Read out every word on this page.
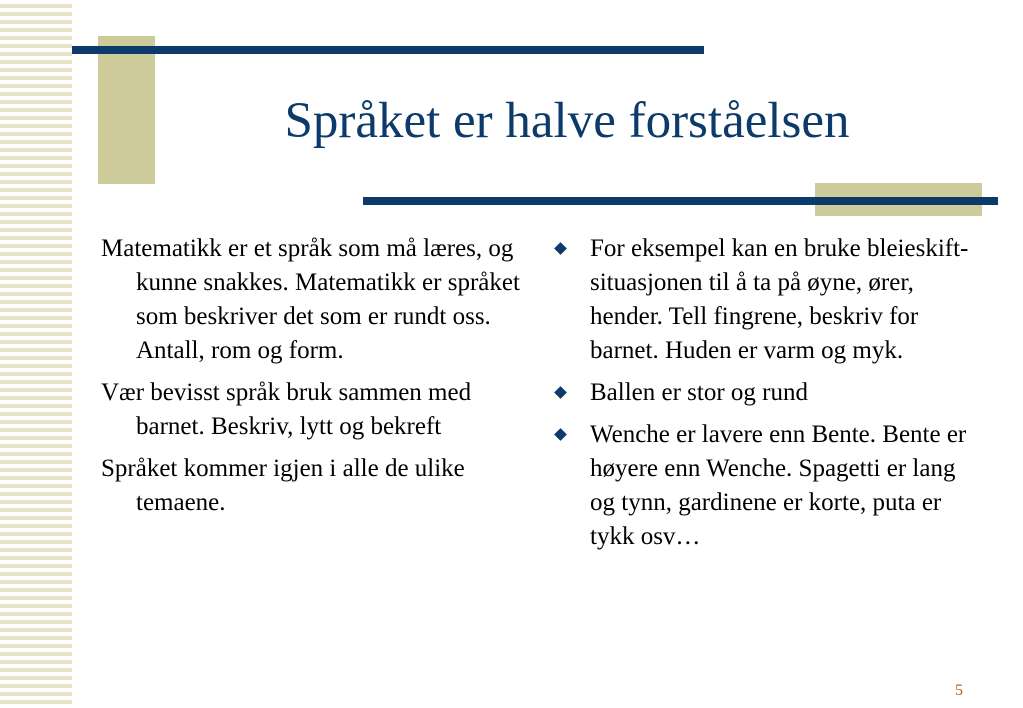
Språket er halve forståelsen

Matematikk er et språk som må læres, og kunne snakkes. Matematikk er språket som beskriver det som er rundt oss. Antall, rom og form.

Vær bevisst språk bruk sammen med barnet. Beskriv, lytt og bekreft

Språket kommer igjen i alle de ulike temaene.

For eksempel kan en bruke bleieskift- situasjonen til å ta på øyne, ører, hender. Tell fingrene, beskriv for barnet. Huden er varm og myk.
Ballen er stor og rund
Wenche er lavere enn Bente. Bente er høyere enn Wenche. Spagetti er lang og tynn, gardinene er korte, puta er tykk osv…
5
